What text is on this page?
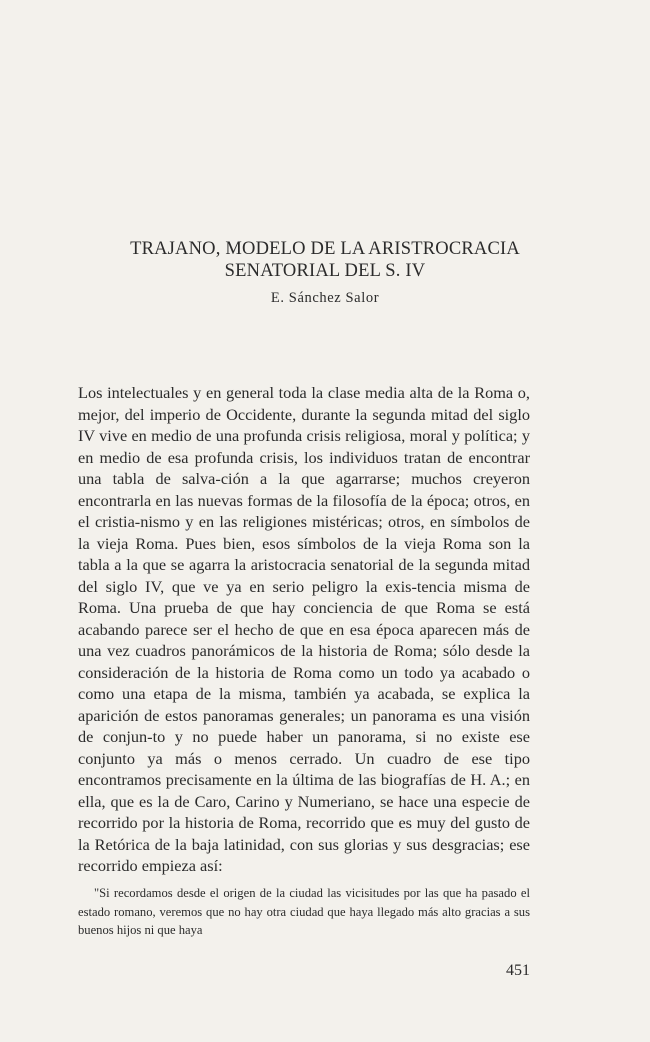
TRAJANO, MODELO DE LA ARISTROCRACIA
SENATORIAL DEL S. IV
E. Sánchez Salor
Los intelectuales y en general toda la clase media alta de la Roma o, mejor, del imperio de Occidente, durante la segunda mitad del siglo IV vive en medio de una profunda crisis religiosa, moral y política; y en medio de esa profunda crisis, los individuos tratan de encontrar una tabla de salva-ción a la que agarrarse; muchos creyeron encontrarla en las nuevas formas de la filosofía de la época; otros, en el cristia-nismo y en las religiones mistéricas; otros, en símbolos de la vieja Roma. Pues bien, esos símbolos de la vieja Roma son la tabla a la que se agarra la aristocracia senatorial de la segunda mitad del siglo IV, que ve ya en serio peligro la exis-tencia misma de Roma. Una prueba de que hay conciencia de que Roma se está acabando parece ser el hecho de que en esa época aparecen más de una vez cuadros panorámicos de la historia de Roma; sólo desde la consideración de la historia de Roma como un todo ya acabado o como una etapa de la misma, también ya acabada, se explica la aparición de estos panoramas generales; un panorama es una visión de conjun-to y no puede haber un panorama, si no existe ese conjunto ya más o menos cerrado. Un cuadro de ese tipo encontramos precisamente en la última de las biografías de H. A.; en ella, que es la de Caro, Carino y Numeriano, se hace una especie de recorrido por la historia de Roma, recorrido que es muy del gusto de la Retórica de la baja latinidad, con sus glorias y sus desgracias; ese recorrido empieza así:
"Si recordamos desde el origen de la ciudad las vicisitudes por las que ha pasado el estado romano, veremos que no hay otra ciudad que haya llegado más alto gracias a sus buenos hijos ni que haya
451
